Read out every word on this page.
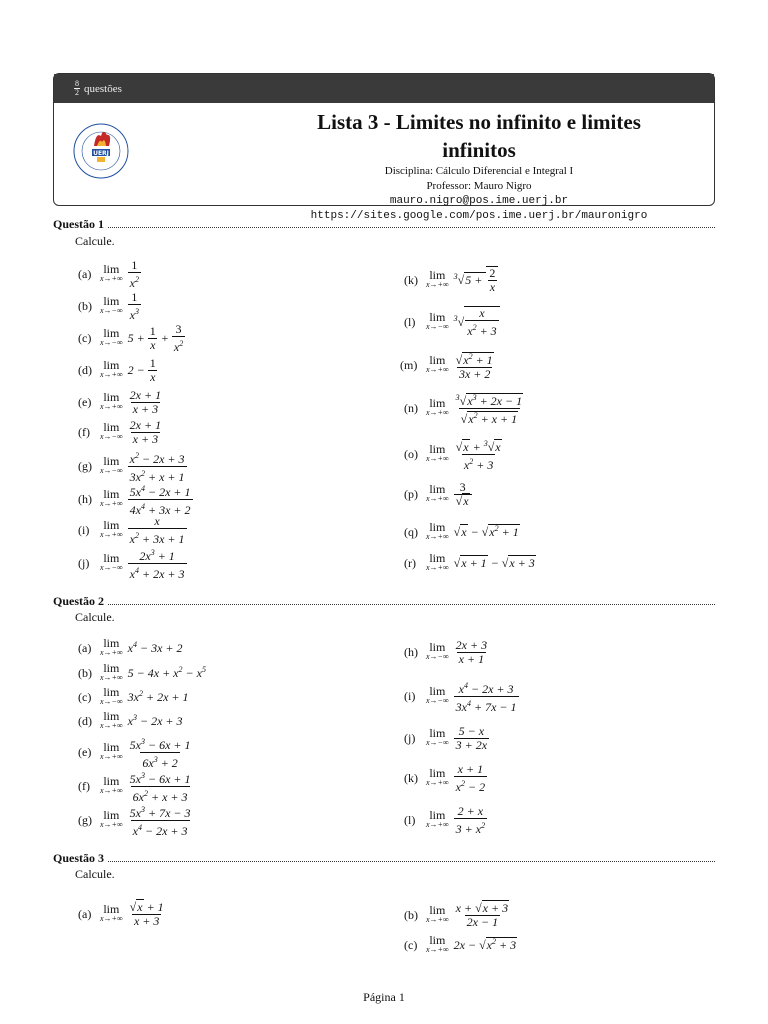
$\frac{8}{2}$ questões
UERJ
Lista 3 - Limites no infinito e limites infinitos
Disciplina: Cálculo Diferencial e Integral I
Professor: Mauro Nigro
mauro.nigro@pos.ime.uerj.br
https://sites.google.com/pos.ime.uerj.br/mauronigro
Questão 1
Calcule.
(a) lim
x→+∞
1
$x^2$
(b) lim
x→−∞
1
$x^3$
(c) lim
x→−∞ $5 + \frac{1}{x} + \frac{3}{x^2}$
(d) lim
x→+∞ $2 - \frac{1}{x}$
(e) lim
x→+∞
2x + 1
x + 3
(f)	lim
x→−∞
2x + 1
x + 3
(g) lim
x→−∞
$x^2 - 2x + 3$
$3x^2 + x + 1$
(h) lim
x→+∞
$5x^4 - 2x + 1$
$4x^4 + 3x + 2$
(i)	lim
x→+∞
x
$x^2 + 3x + 1$
(j)	lim
x→−∞
$2x^3 + 1$
$x^4 + 2x + 3$
(k) lim
x→+∞
$^3$√ $5 + \frac{2}{x}$
(l)	lim
x→−∞
$^3$√
x
$x^2 + 3$
(m) lim
x→+∞
$√x^2 + 1$
3x + 2
(n) lim
x→+∞
$^3√x^3 + 2x - 1$
$√x^2 + x + 1$
(o) lim
x→+∞
√x + $^3$√x
$x^2 + 3$
(p) lim
x→+∞
3
√x
(q) lim
x→+∞ $√x - √x^2 + 1$
(r)	lim
x→+∞ √x + 1 − √x + 3
Questão 2
Calcule.
(a) lim
x→+∞ $x^4 - 3x + 2$
(b) lim
x→+∞ $5 - 4x + x^2 - x^5$
(c) lim
x→−∞ $3x^2 + 2x + 1$
(d) lim
x→+∞ $x^3 - 2x + 3$
(e) lim
x→+∞
$5x^3 - 6x + 1$
$6x^3 + 2$
(f)	lim
x→+∞
$5x^3 - 6x + 1$
$6x^2 + x + 3$
(g) lim
x→+∞
$5x^3 + 7x - 3$
$x^4 - 2x + 3$
(h) lim
x→−∞
2x + 3
x + 1
(i)	lim
x→−∞
$x^4 - 2x + 3$
$3x^4 + 7x - 1$
(j)	lim
x→−∞
5 − x
3 + 2x
(k) lim
x→+∞
x + 1
$x^2 - 2$
(l)	lim
x→+∞
2 + x
$3 + x^2$
Questão 3
Calcule.
(a) lim
x→+∞
√x + 1
x + 3	(b) lim
x→+∞
x + √x + 3
2x − 1
(c) lim
x→+∞ $2x - √x^2 + 3$
Página 1
